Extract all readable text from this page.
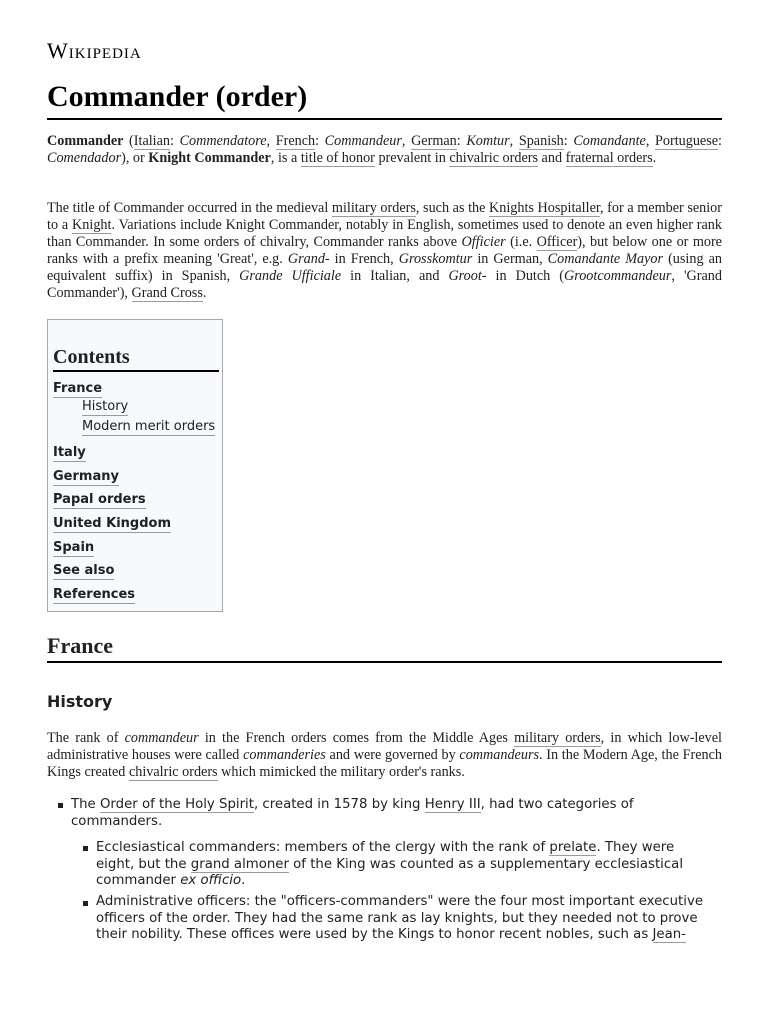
Wikipedia
Commander (order)

Commander (Italian: Commendatore, French: Commandeur, German: Komtur, Spanish: Comandante, Portuguese: Comendador), or Knight Commander, is a title of honor prevalent in chivalric orders and fraternal orders.

The title of Commander occurred in the medieval military orders, such as the Knights Hospitaller, for a member senior to a Knight. Variations include Knight Commander, notably in English, sometimes used to denote an even higher rank than Commander. In some orders of chivalry, Commander ranks above Officier (i.e. Officer), but below one or more ranks with a prefix meaning 'Great', e.g. Grand- in French, Grosskomtur in German, Comandante Mayor (using an equivalent suffix) in Spanish, Grande Ufficiale in Italian, and Groot- in Dutch (Grootcommandeur, 'Grand Commander'), Grand Cross.

Contents
France
History
Modern merit orders
Italy
Germany
Papal orders
United Kingdom
Spain
See also
References
France
History

The rank of commandeur in the French orders comes from the Middle Ages military orders, in which low-level administrative houses were called commanderies and were governed by commandeurs. In the Modern Age, the French Kings created chivalric orders which mimicked the military order's ranks.

The Order of the Holy Spirit, created in 1578 by king Henry III, had two categories of commanders.

Ecclesiastical commanders: members of the clergy with the rank of prelate. They were eight, but the grand almoner of the King was counted as a supplementary ecclesiastical commander ex officio.

Administrative officers: the "officers-commanders" were the four most important executive officers of the order. They had the same rank as lay knights, but they needed not to prove their nobility. These offices were used by the Kings to honor recent nobles, such as Jean-
